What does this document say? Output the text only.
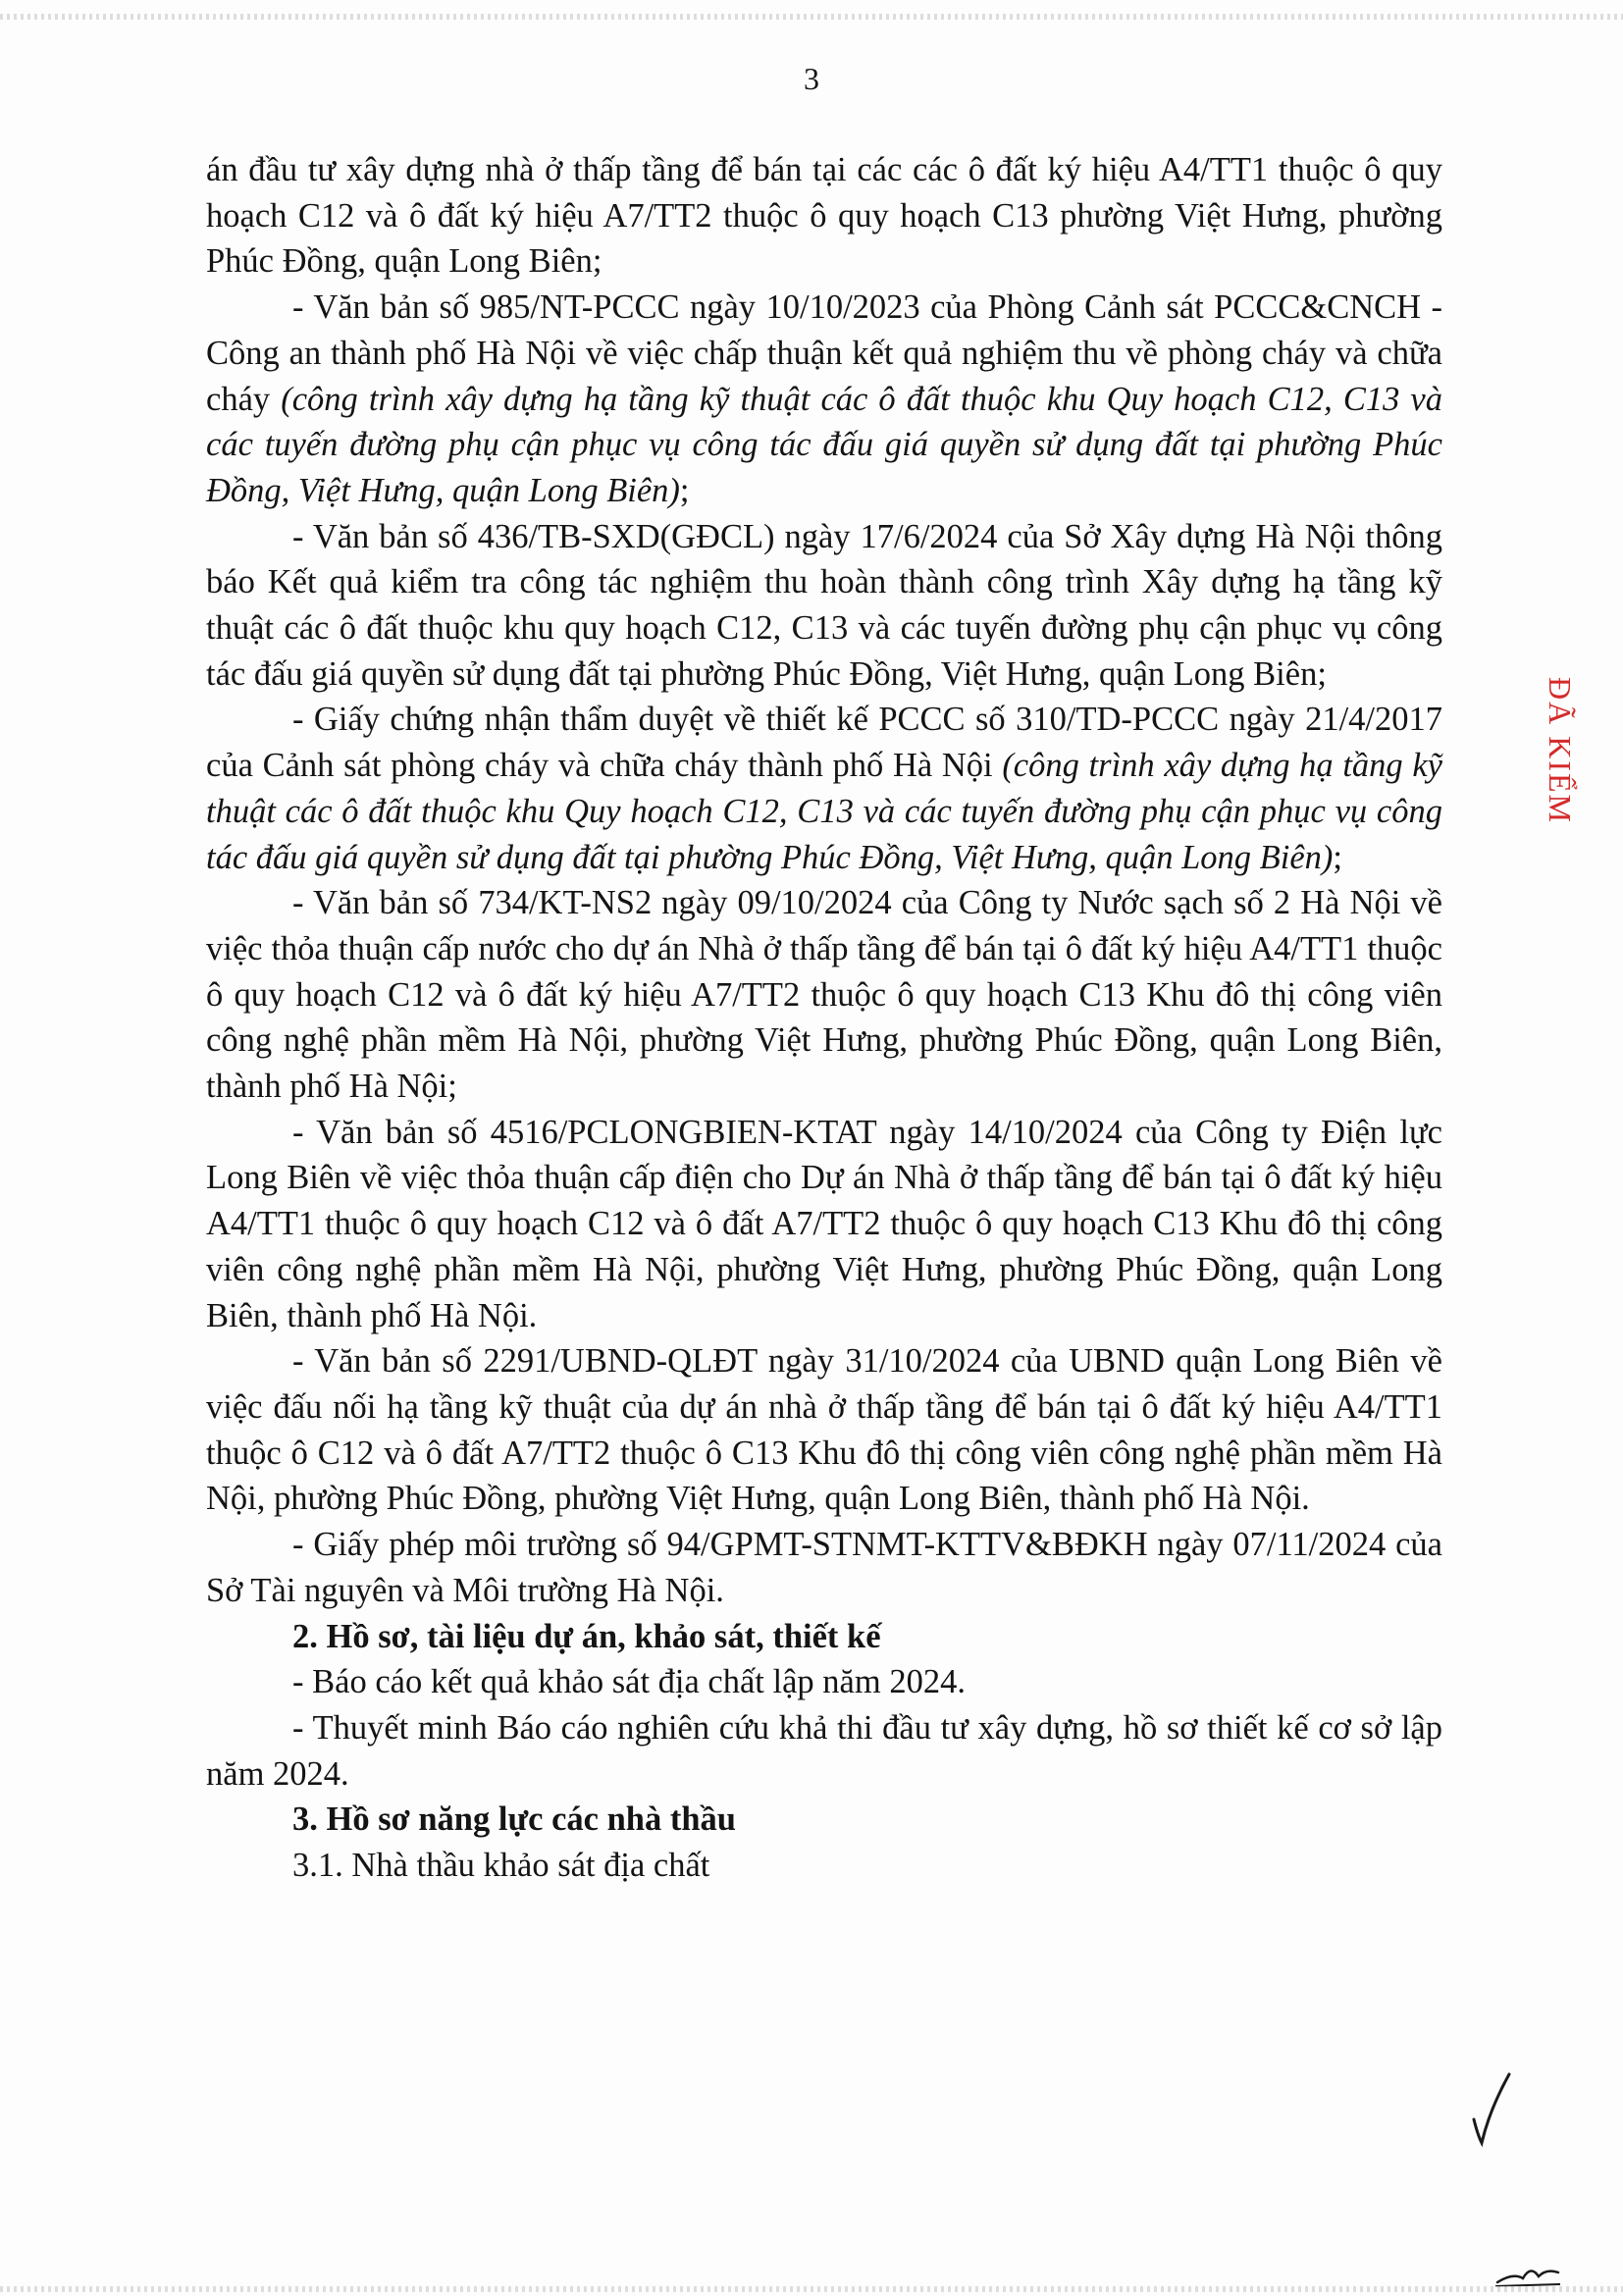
3

án đầu tư xây dựng nhà ở thấp tầng để bán tại các các ô đất ký hiệu A4/TT1 thuộc ô quy hoạch C12 và ô đất ký hiệu A7/TT2 thuộc ô quy hoạch C13 phường Việt Hưng, phường Phúc Đồng, quận Long Biên;

- Văn bản số 985/NT-PCCC ngày 10/10/2023 của Phòng Cảnh sát PCCC&CNCH - Công an thành phố Hà Nội về việc chấp thuận kết quả nghiệm thu về phòng cháy và chữa cháy (công trình xây dựng hạ tầng kỹ thuật các ô đất thuộc khu Quy hoạch C12, C13 và các tuyến đường phụ cận phục vụ công tác đấu giá quyền sử dụng đất tại phường Phúc Đồng, Việt Hưng, quận Long Biên);

- Văn bản số 436/TB-SXD(GĐCL) ngày 17/6/2024 của Sở Xây dựng Hà Nội thông báo Kết quả kiểm tra công tác nghiệm thu hoàn thành công trình Xây dựng hạ tầng kỹ thuật các ô đất thuộc khu quy hoạch C12, C13 và các tuyến đường phụ cận phục vụ công tác đấu giá quyền sử dụng đất tại phường Phúc Đồng, Việt Hưng, quận Long Biên;

- Giấy chứng nhận thẩm duyệt về thiết kế PCCC số 310/TD-PCCC ngày 21/4/2017 của Cảnh sát phòng cháy và chữa cháy thành phố Hà Nội (công trình xây dựng hạ tầng kỹ thuật các ô đất thuộc khu Quy hoạch C12, C13 và các tuyến đường phụ cận phục vụ công tác đấu giá quyền sử dụng đất tại phường Phúc Đồng, Việt Hưng, quận Long Biên);

- Văn bản số 734/KT-NS2 ngày 09/10/2024 của Công ty Nước sạch số 2 Hà Nội về việc thỏa thuận cấp nước cho dự án Nhà ở thấp tầng để bán tại ô đất ký hiệu A4/TT1 thuộc ô quy hoạch C12 và ô đất ký hiệu A7/TT2 thuộc ô quy hoạch C13 Khu đô thị công viên công nghệ phần mềm Hà Nội, phường Việt Hưng, phường Phúc Đồng, quận Long Biên, thành phố Hà Nội;

- Văn bản số 4516/PCLONGBIEN-KTAT ngày 14/10/2024 của Công ty Điện lực Long Biên về việc thỏa thuận cấp điện cho Dự án Nhà ở thấp tầng để bán tại ô đất ký hiệu A4/TT1 thuộc ô quy hoạch C12 và ô đất A7/TT2 thuộc ô quy hoạch C13 Khu đô thị công viên công nghệ phần mềm Hà Nội, phường Việt Hưng, phường Phúc Đồng, quận Long Biên, thành phố Hà Nội.

- Văn bản số 2291/UBND-QLĐT ngày 31/10/2024 của UBND quận Long Biên về việc đấu nối hạ tầng kỹ thuật của dự án nhà ở thấp tầng để bán tại ô đất ký hiệu A4/TT1 thuộc ô C12 và ô đất A7/TT2 thuộc ô C13 Khu đô thị công viên công nghệ phần mềm Hà Nội, phường Phúc Đồng, phường Việt Hưng, quận Long Biên, thành phố Hà Nội.

- Giấy phép môi trường số 94/GPMT-STNMT-KTTV&BĐKH ngày 07/11/2024 của Sở Tài nguyên và Môi trường Hà Nội.

2. Hồ sơ, tài liệu dự án, khảo sát, thiết kế

- Báo cáo kết quả khảo sát địa chất lập năm 2024.

- Thuyết minh Báo cáo nghiên cứu khả thi đầu tư xây dựng, hồ sơ thiết kế cơ sở lập năm 2024.

3. Hồ sơ năng lực các nhà thầu

3.1. Nhà thầu khảo sát địa chất

ĐÃ KIỂM
